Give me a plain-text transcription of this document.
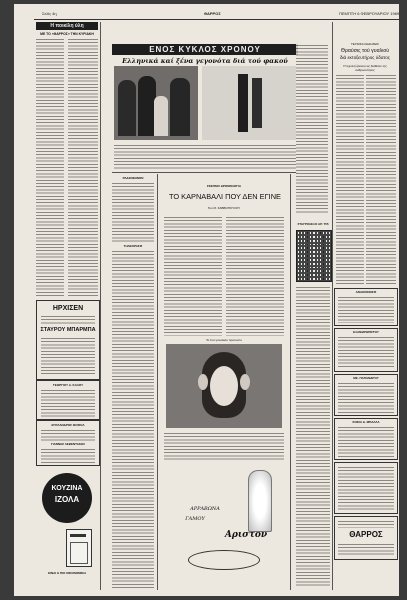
Σελίς 4η	ΘΑΡΡΟΣ	ΠΕΜΠΤΗ 6 ΦΕΒΡΟΥΑΡΙΟΥ 1969
Η ποικίλη ύλη
ΜΕ ΤΟ «ΘΑΡΡΟΣ» ΤΗΝ ΚΥΡΙΑΚΗ
ΗΡΧΙΣΕΝ
ΣΤΑΥΡΟΥ ΜΠΑΡΜΠΑ
ΓΕΩΡΓΙΟΥ Α. ΚΑΛΟΥ
ΕΠΥΛΑΝΔΡΟΣ ΦΟΣΚΙΑ
ΓΙΑΝΝΗΣ ΛΕΒΕΝΤΑΚΗΣ
ΚΟΥΖΙΝΑ
ΙΖΟΛΑ
ΕΙΝΑΙ Η ΠΙΟ ΟΙΚΟΝΟΜΙΚΗ
ΕΝΟΣ ΚΥΚΛΟΣ ΧΡΟΝΟΥ
Ελληνικά καί ξένα γεγονότα διά τού φακού
ΡΑΔΙΟΦΩΝΟΝ
ΤΗΛΕΟΡΑΣΙΣ
ΣΚΕΨΕΙΣ ΔΡΟΜΟΛΟΓΙΑ
ΤΟ ΚΑΡΝΑΒΑΛΙ ΠΟΥ ΔΕΝ ΕΓΙΝΕ
Του Μ. ΣΑΒΒΟΠΟΥΛΟΥ
Το ένα γυναικείο πρόσωπο
ΑΡΡΑΒΩΝΑ
ΓΑΜΟΥ
Αριστον
ΣΤΑΥΡΟΛΕΞΟ ΑΡ. 755
ΤΕΧΝΙΚΑΙ ΕΙΔΗΣΕΙΣ
Θραύσις τού γυαλιού
διά εκτοξευτήρος ύδατος
Η τεχνική έρευνα εις διάθεσιν της ανθρωπότητος
ΑΝΑΚΟΙΝΩΣΙΣ
ΕΞΑΝΘΡΩΠΙΣΤΟΥ
ΜΕ. ΠΑΠΑΝΔΡΟΥ
ΣΟΦΙΑ Δ. ΜΠΑΛΛΑ
ΘΑΡΡΟΣ
